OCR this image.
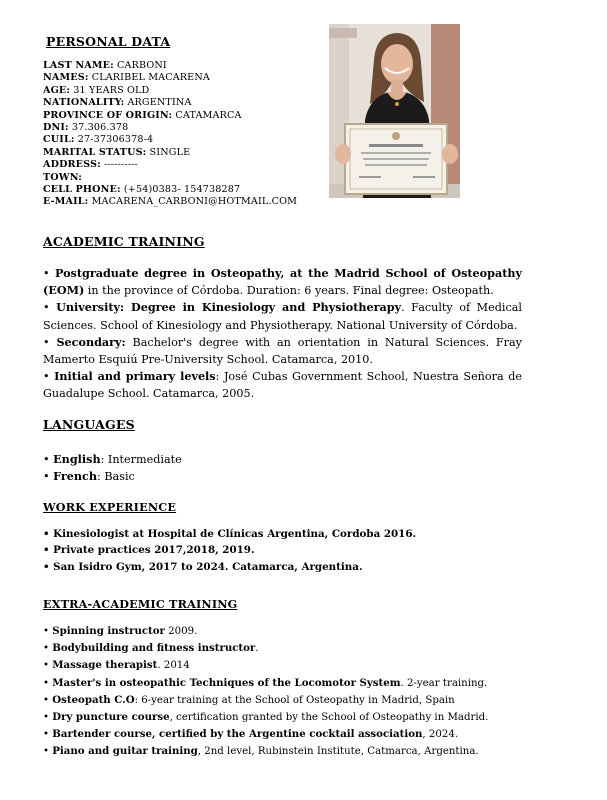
PERSONAL DATA
LAST NAME: CARBONI
NAMES: CLARIBEL MACARENA
AGE: 31 YEARS OLD
NATIONALITY: ARGENTINA
PROVINCE OF ORIGIN: CATAMARCA
DNI: 37.306.378
CUIL: 27-37306378-4
MARITAL STATUS: SINGLE
ADDRESS: ----------
TOWN:
CELL PHONE: (+54)0383- 154738287
E-MAIL: MACARENA_CARBONI@HOTMAIL.COM
ACADEMIC TRAINING

• Postgraduate degree in Osteopathy, at the Madrid School of Osteopathy (EOM) in the province of Córdoba. Duration: 6 years. Final degree: Osteopath.

• University: Degree in Kinesiology and Physiotherapy. Faculty of Medical Sciences. School of Kinesiology and Physiotherapy. National University of Córdoba.

• Secondary: Bachelor's degree with an orientation in Natural Sciences. Fray Mamerto Esquiú Pre-University School. Catamarca, 2010.

• Initial and primary levels: José Cubas Government School, Nuestra Señora de Guadalupe School. Catamarca, 2005.

LANGUAGES
• English: Intermediate
• French: Basic
WORK EXPERIENCE
• Kinesiologist at Hospital de Clínicas Argentina, Cordoba 2016.
• Private practices 2017,2018, 2019.
• San Isidro Gym, 2017 to 2024. Catamarca, Argentina.
EXTRA-ACADEMIC TRAINING
• Spinning instructor 2009.
• Bodybuilding and fitness instructor.
• Massage therapist. 2014
• Master's in osteopathic Techniques of the Locomotor System. 2-year training.
• Osteopath C.O: 6-year training at the School of Osteopathy in Madrid, Spain
• Dry puncture course, certification granted by the School of Osteopathy in Madrid.
• Bartender course, certified by the Argentine cocktail association, 2024.
• Piano and guitar training, 2nd level, Rubinstein Institute, Catmarca, Argentina.
